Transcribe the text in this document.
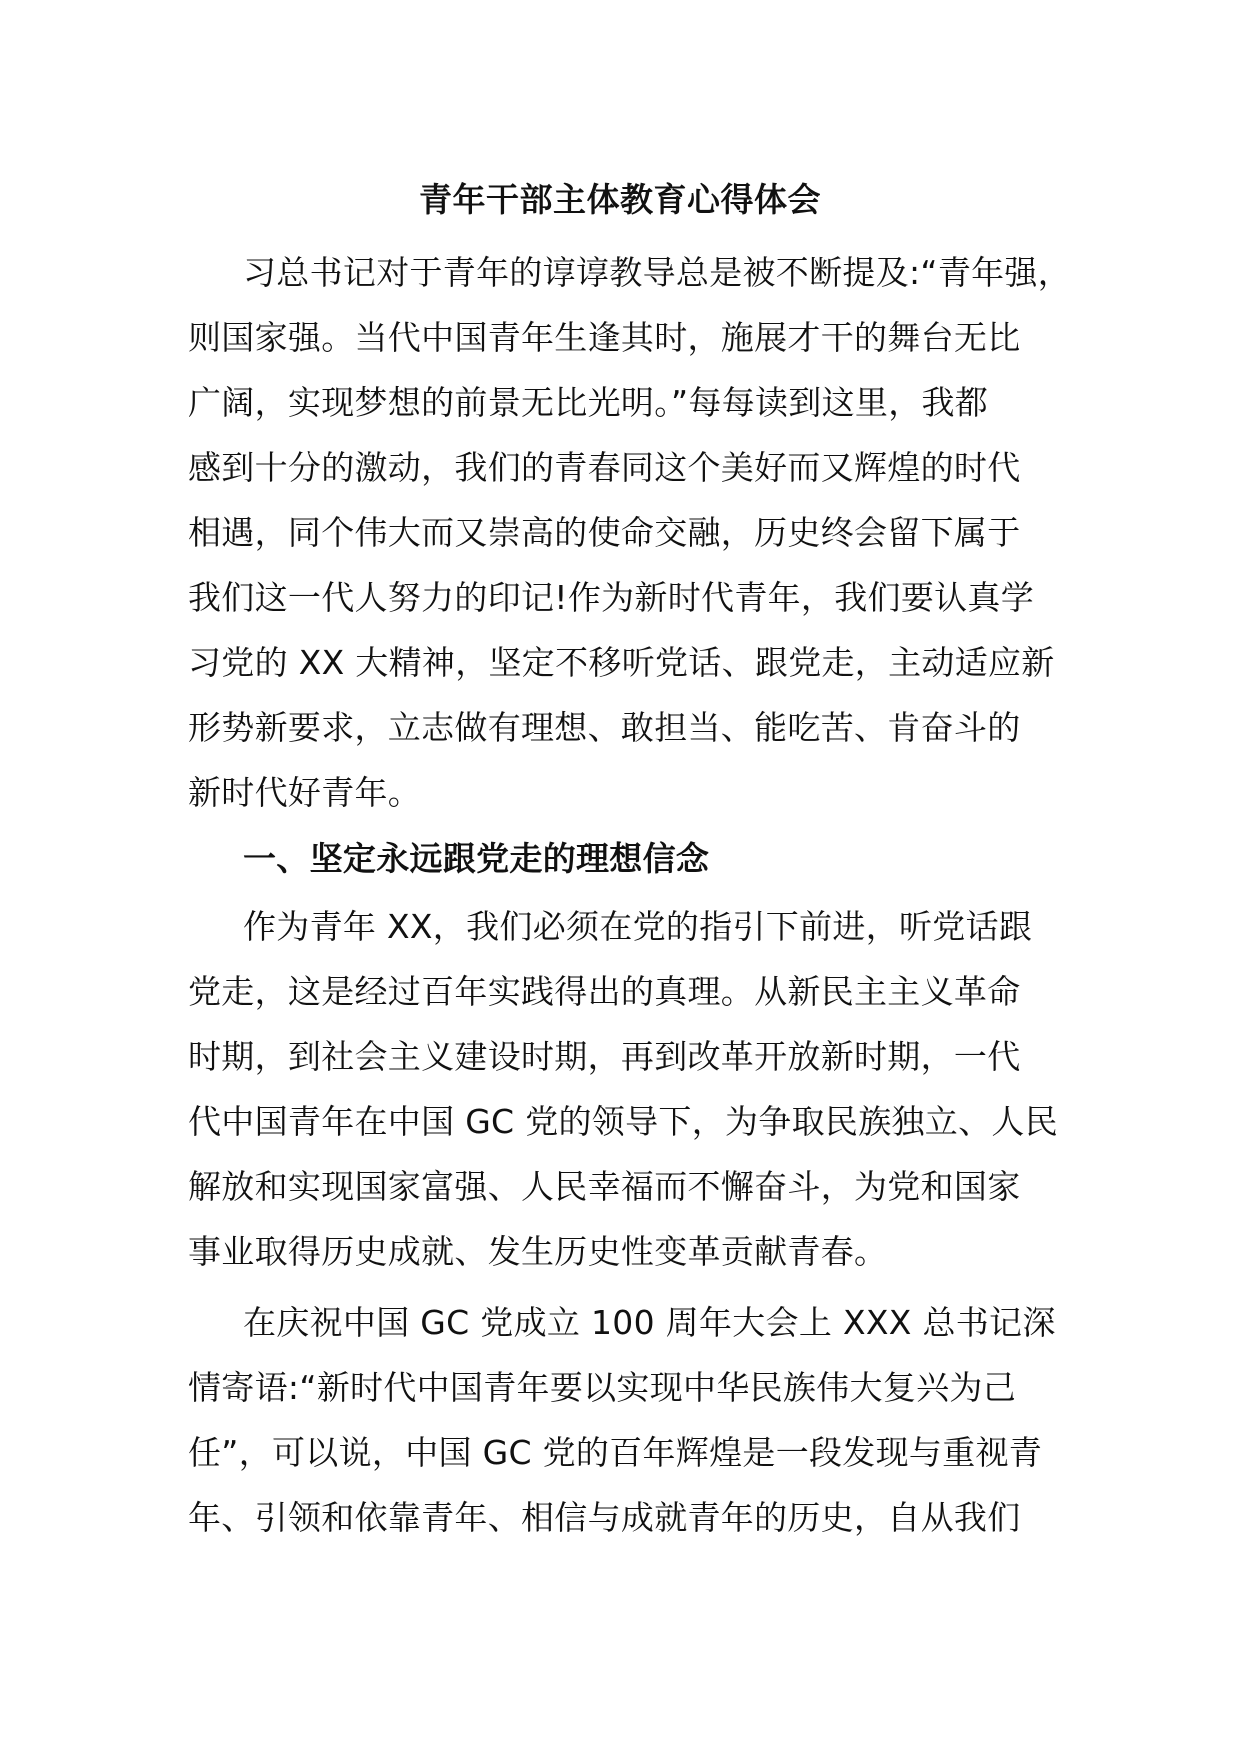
青年干部主体教育心得体会
习总书记对于青年的谆谆教导总是被不断提及:“青年强，
则国家强。当代中国青年生逢其时，施展才干的舞台无比
广阔，实现梦想的前景无比光明。”每每读到这里，我都
感到十分的激动，我们的青春同这个美好而又辉煌的时代
相遇，同个伟大而又崇高的使命交融，历史终会留下属于
我们这一代人努力的印记!作为新时代青年，我们要认真学
习党的 XX 大精神，坚定不移听党话、跟党走，主动适应新
形势新要求，立志做有理想、敢担当、能吃苦、肯奋斗的
新时代好青年。
一、坚定永远跟党走的理想信念
作为青年 XX，我们必须在党的指引下前进，听党话跟
党走，这是经过百年实践得出的真理。从新民主主义革命
时期，到社会主义建设时期，再到改革开放新时期，一代
代中国青年在中国 GC 党的领导下，为争取民族独立、人民
解放和实现国家富强、人民幸福而不懈奋斗，为党和国家
事业取得历史成就、发生历史性变革贡献青春。
在庆祝中国 GC 党成立 100 周年大会上 XXX 总书记深
情寄语:“新时代中国青年要以实现中华民族伟大复兴为己
任”，可以说，中国 GC 党的百年辉煌是一段发现与重视青
年、引领和依靠青年、相信与成就青年的历史，自从我们
